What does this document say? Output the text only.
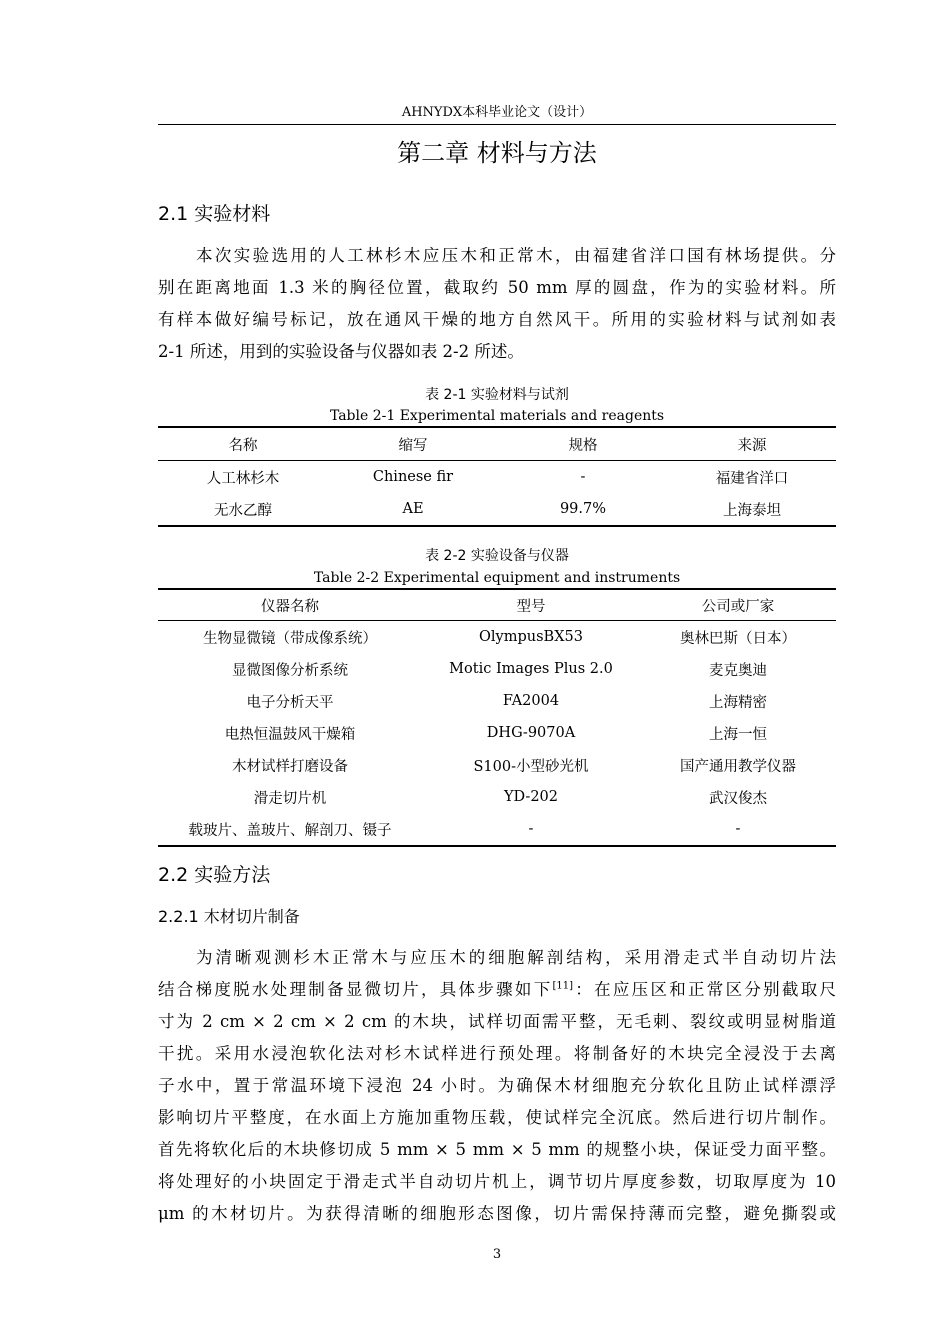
AHNYDX本科毕业论文（设计）
第二章 材料与方法
2.1 实验材料
本次实验选用的人工林杉木应压木和正常木，由福建省洋口国有林场提供。分
别在距离地面 1.3 米的胸径位置，截取约 50 mm 厚的圆盘，作为的实验材料。所
有样本做好编号标记，放在通风干燥的地方自然风干。所用的实验材料与试剂如表
2-1 所述，用到的实验设备与仪器如表 2-2 所述。
表 2-1 实验材料与试剂
Table 2-1 Experimental materials and reagents
名称	缩写	规格	来源
人工林杉木	Chinese fir	-	福建省洋口
无水乙醇	AE	99.7%	上海泰坦
表 2-2 实验设备与仪器
Table 2-2 Experimental equipment and instruments
仪器名称	型号	公司或厂家
生物显微镜（带成像系统）	OlympusBX53	奥林巴斯（日本）
显微图像分析系统	Motic Images Plus 2.0	麦克奥迪
电子分析天平	FA2004	上海精密
电热恒温鼓风干燥箱	DHG-9070A	上海一恒
木材试样打磨设备	S100-小型砂光机	国产通用教学仪器
滑走切片机	YD-202	武汉俊杰
载玻片、盖玻片、解剖刀、镊子	-	-
2.2 实验方法
2.2.1 木材切片制备
为清晰观测杉木正常木与应压木的细胞解剖结构，采用滑走式半自动切片法
结合梯度脱水处理制备显微切片，具体步骤如下[11]：在应压区和正常区分别截取尺
寸为 2 cm × 2 cm × 2 cm 的木块，试样切面需平整，无毛刺、裂纹或明显树脂道
干扰。采用水浸泡软化法对杉木试样进行预处理。将制备好的木块完全浸没于去离
子水中，置于常温环境下浸泡 24 小时。为确保木材细胞充分软化且防止试样漂浮
影响切片平整度，在水面上方施加重物压载，使试样完全沉底。然后进行切片制作。
首先将软化后的木块修切成 5 mm × 5 mm × 5 mm 的规整小块，保证受力面平整。
将处理好的小块固定于滑走式半自动切片机上，调节切片厚度参数，切取厚度为 10
μm 的木材切片。为获得清晰的细胞形态图像，切片需保持薄而完整，避免撕裂或
3
